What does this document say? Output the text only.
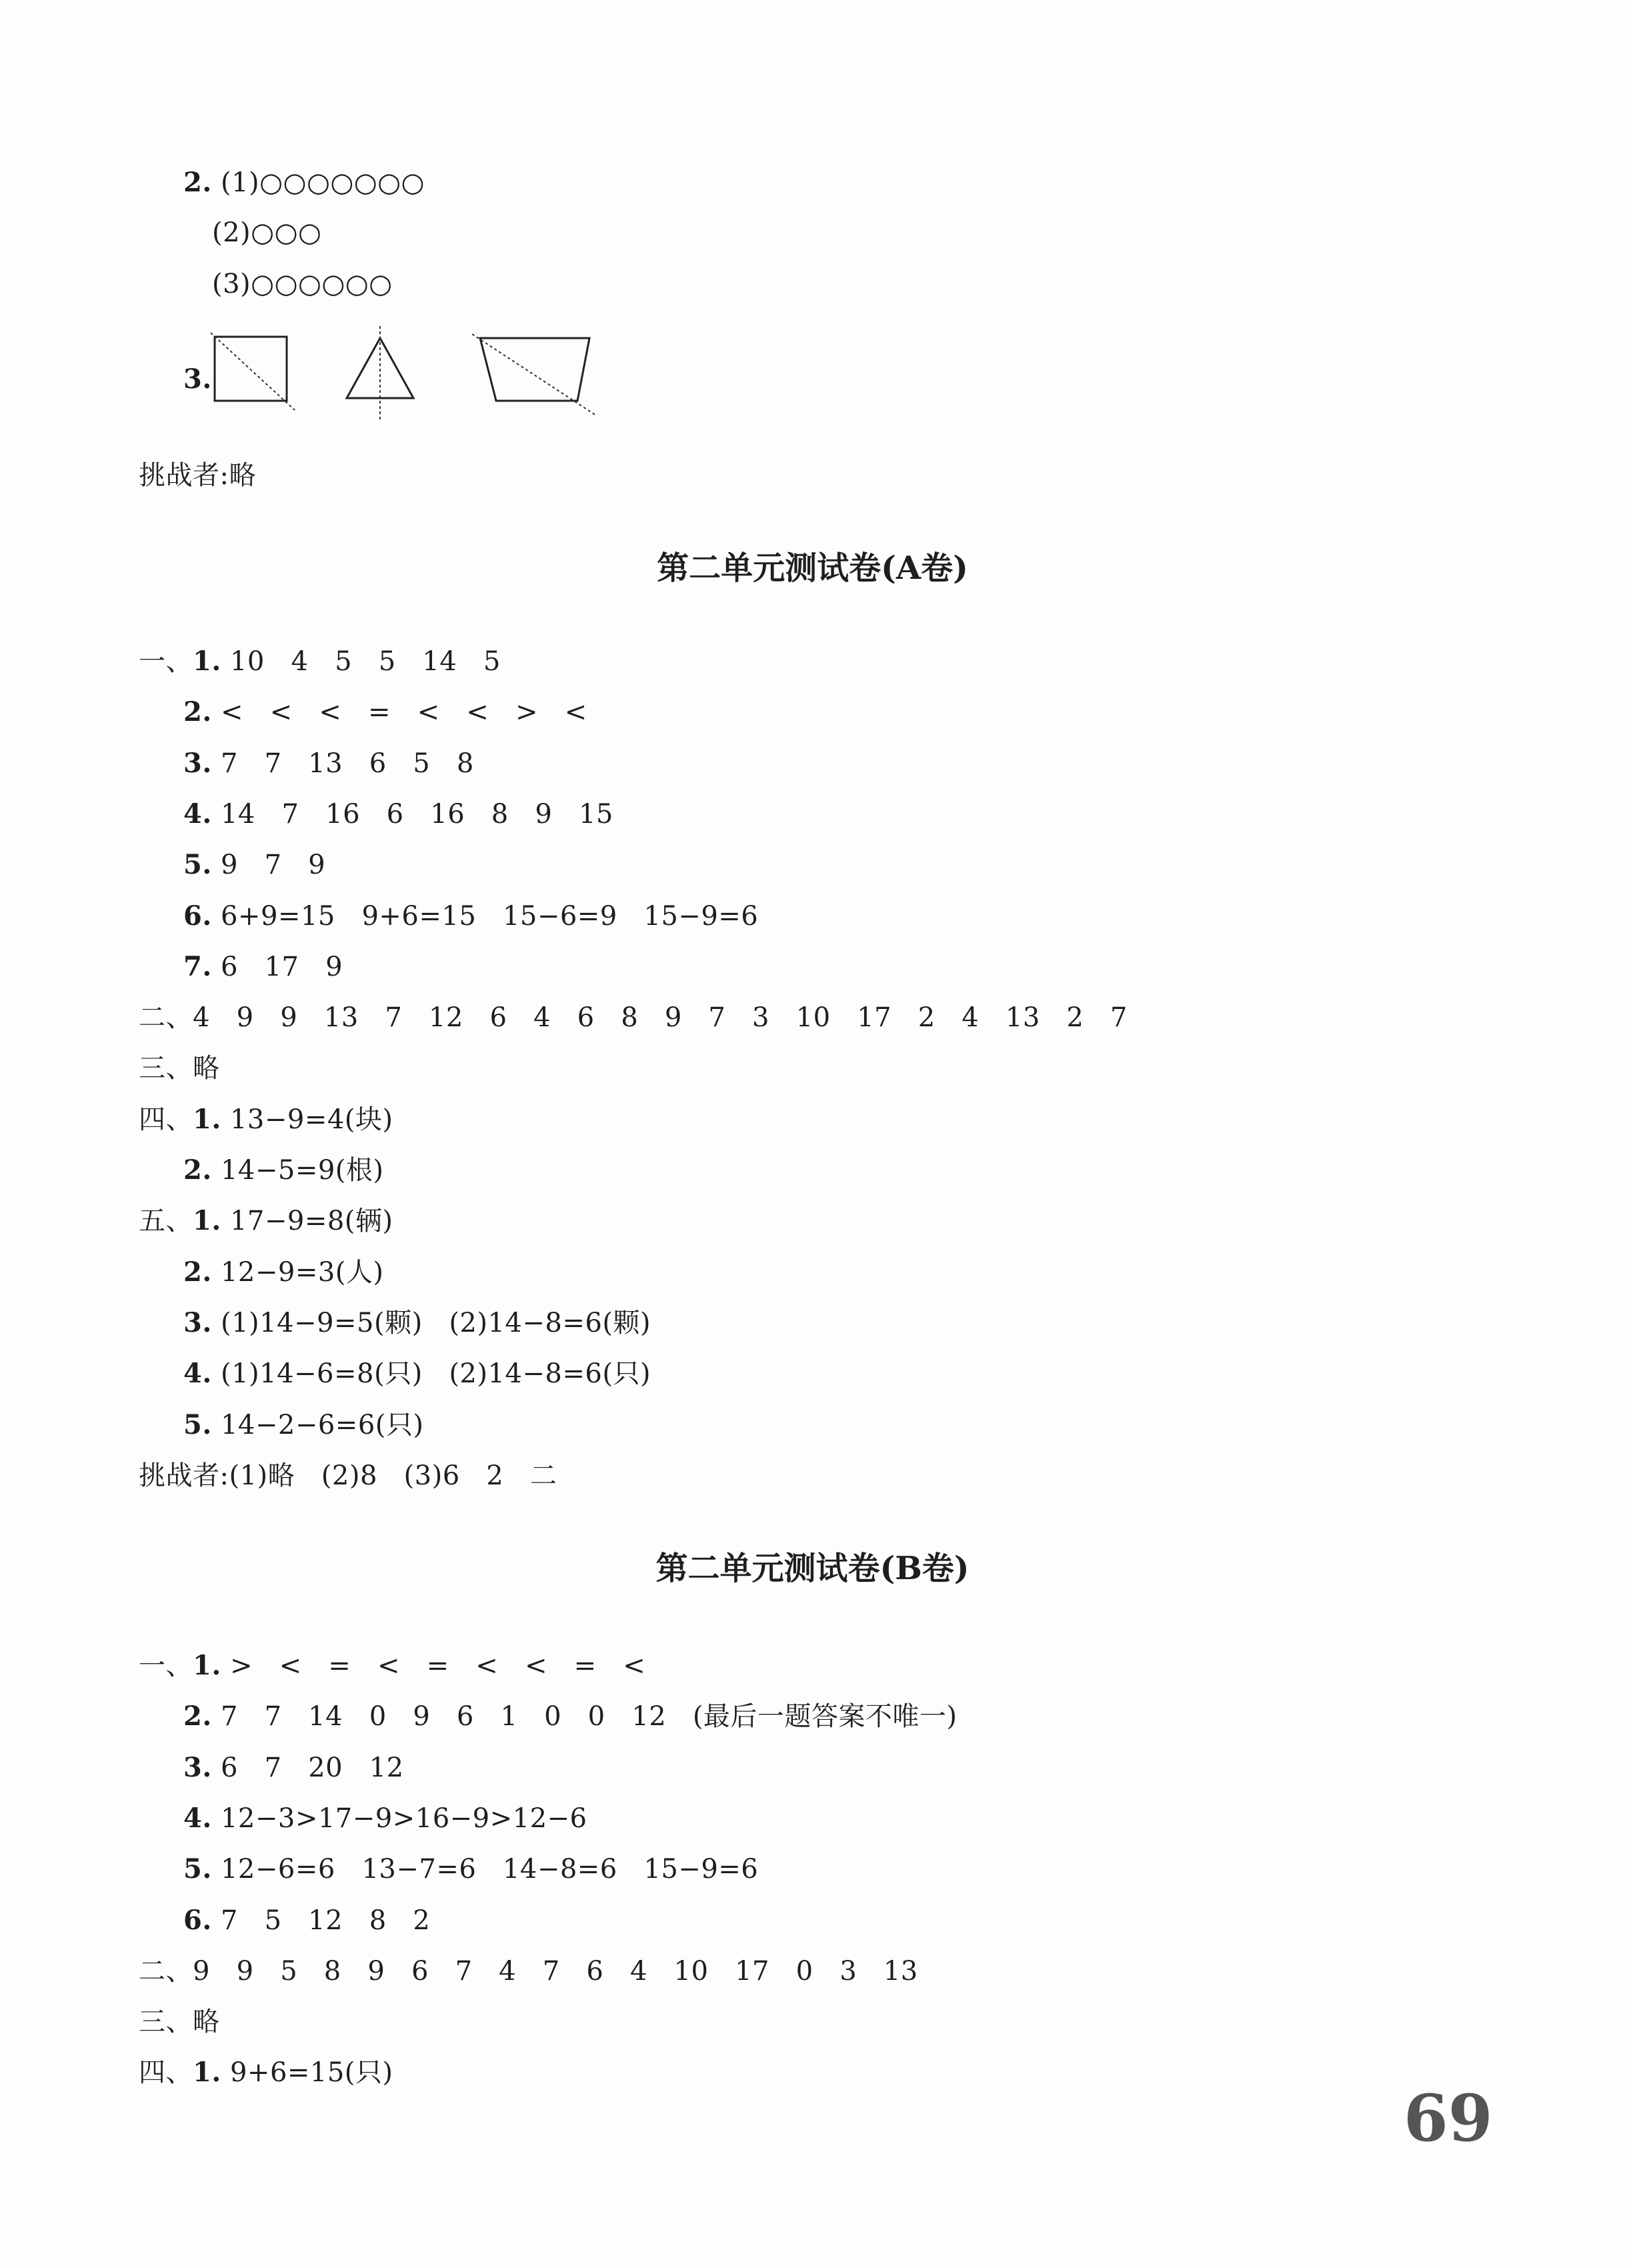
2. (1)○○○○○○○
(2)○○○
(3)○○○○○○
3.
挑战者:略
第二单元测试卷(A卷)
一、1. 10   4   5   5   14   5
2. <   <   <   =   <   <   >   <
3. 7   7   13   6   5   8
4. 14   7   16   6   16   8   9   15
5. 9   7   9
6. 6+9=15   9+6=15   15−6=9   15−9=6
7. 6   17   9
二、4   9   9   13   7   12   6   4   6   8   9   7   3   10   17   2   4   13   2   7
三、略
四、1. 13−9=4(块)
2. 14−5=9(根)
五、1. 17−9=8(辆)
2. 12−9=3(人)
3. (1)14−9=5(颗)   (2)14−8=6(颗)
4. (1)14−6=8(只)   (2)14−8=6(只)
5. 14−2−6=6(只)
挑战者:(1)略   (2)8   (3)6   2   二
第二单元测试卷(B卷)
一、1. >   <   =   <   =   <   <   =   <
2. 7   7   14   0   9   6   1   0   0   12   (最后一题答案不唯一)
3. 6   7   20   12
4. 12−3>17−9>16−9>12−6
5. 12−6=6   13−7=6   14−8=6   15−9=6
6. 7   5   12   8   2
二、9   9   5   8   9   6   7   4   7   6   4   10   17   0   3   13
三、略
四、1. 9+6=15(只)
69
